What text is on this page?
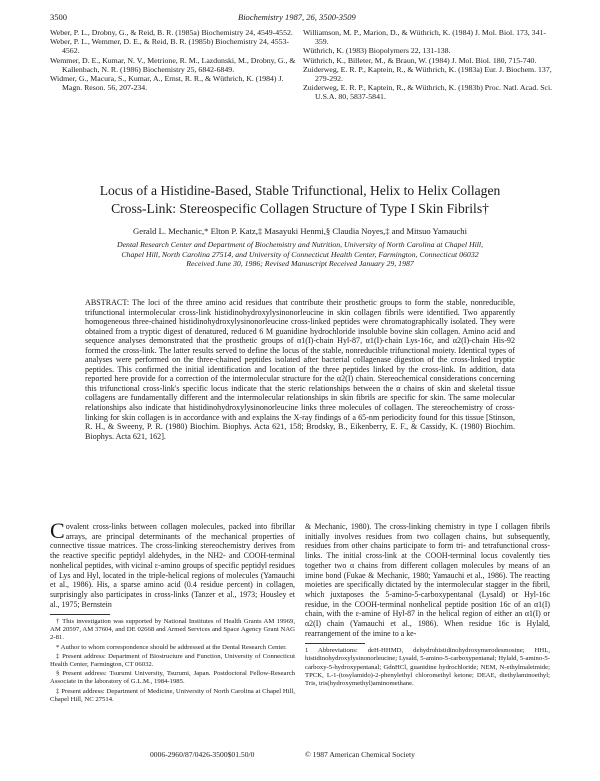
3500	Biochemistry 1987, 26, 3500-3509
Weber, P. L., Drobny, G., & Reid, B. R. (1985a) Biochemistry 24, 4549-4552.
Weber, P. L., Wemmer, D. E., & Reid, B. R. (1985b) Biochemistry 24, 4553-4562.
Wemmer, D. E., Kumar, N. V., Metrione, R. M., Lazdunski, M., Drobny, G., & Kallenbach, N. R. (1986) Biochemistry 25, 6842-6849.
Widmer, G., Macura, S., Kumar, A., Ernst, R. R., & Wüthrich, K. (1984) J. Magn. Reson. 56, 207-234.
Williamson, M. P., Marion, D., & Wüthrich, K. (1984) J. Mol. Biol. 173, 341-359.
Wüthrich, K. (1983) Biopolymers 22, 131-138.
Wüthrich, K., Billeter, M., & Braun, W. (1984) J. Mol. Biol. 180, 715-740.
Zuiderweg, E. R. P., Kaptein, R., & Wüthrich, K. (1983a) Eur. J. Biochem. 137, 279-292.
Zuiderweg, E. R. P., Kaptein, R., & Wüthrich, K. (1983b) Proc. Natl. Acad. Sci. U.S.A. 80, 5837-5841.
Locus of a Histidine-Based, Stable Trifunctional, Helix to Helix Collagen
Cross-Link: Stereospecific Collagen Structure of Type I Skin Fibrils†
Gerald L. Mechanic,* Elton P. Katz,‡ Masayuki Henmi,§ Claudia Noyes,‡ and Mitsuo Yamauchi
Dental Research Center and Department of Biochemistry and Nutrition, University of North Carolina at Chapel Hill,
Chapel Hill, North Carolina 27514, and University of Connecticut Health Center, Farmington, Connecticut 06032
Received June 30, 1986; Revised Manuscript Received January 29, 1987
ABSTRACT: The loci of the three amino acid residues that contribute their prosthetic groups to form the stable, nonreducible, trifunctional intermolecular cross-link histidinohydroxylysinonorleucine in skin collagen fibrils were identified. Two apparently homogeneous three-chained histidinohydroxylysinonorleucine cross-linked peptides were chromatographically isolated. They were obtained from a tryptic digest of denatured, reduced 6 M guanidine hydrochloride insoluble bovine skin collagen. Amino acid and sequence analyses demonstrated that the prosthetic groups of α1(I)-chain Hyl-87, α1(I)-chain Lys-16c, and α2(I)-chain His-92 formed the cross-link. The latter results served to define the locus of the stable, nonreducible trifunctional moiety. Identical types of analyses were performed on the three-chained peptides isolated after bacterial collagenase digestion of the cross-linked tryptic peptides. This confirmed the initial identification and location of the three peptides linked by the cross-link. In addition, data reported here provide for a correction of the intermolecular structure for the α2(I) chain. Stereochemical considerations concerning this trifunctional cross-link's specific locus indicate that the steric relationships between the α chains of skin and skeletal tissue collagens are fundamentally different and the intermolecular relationships in skin fibrils are specific for skin. The same molecular relationships also indicate that histidinohydroxylysinonorleucine links three molecules of collagen. The stereochemistry of cross-linking for skin collagen is in accordance with and explains the X-ray findings of a 65-nm periodicity found for this tissue [Stinson, R. H., & Sweeny, P. R. (1980) Biochim. Biophys. Acta 621, 158; Brodsky, B., Eikenberry, E. F., & Cassidy, K. (1980) Biochim. Biophys. Acta 621, 162].
C ovalent cross-links between collagen molecules, packed into fibrillar arrays, are principal determinants of the mechanical properties of connective tissue matrices. The cross-linking stereochemistry derives from the reactive specific peptidyl aldehydes, in the NH2- and COOH-terminal nonhelical peptides, with vicinal ε-amino groups of specific peptidyl residues of Lys and Hyl, located in the triple-helical regions of molecules (Yamauchi et al., 1986). His, a sparse amino acid (0.4 residue percent) in collagen, surprisingly also participates in cross-links (Tanzer et al., 1973; Housley et al., 1975; Bernstein

† This investigation was supported by National Institutes of Health Grants AM 19969, AM 20597, AM 37604, and DE 02668 and Armed Services and Space Agency Grant NAG 2-81.

* Author to whom correspondence should be addressed at the Dental Research Center.

‡ Present address: Department of Biostructure and Function, University of Connecticut Health Center, Farmington, CT 06032.

§ Present address: Tsurumi University, Tsurumi, Japan. Postdoctoral Fellow-Research Associate in the laboratory of G.L.M., 1984-1985.

‡ Present address: Department of Medicine, University of North Carolina at Chapel Hill, Chapel Hill, NC 27514.

& Mechanic, 1980). The cross-linking chemistry in type I collagen fibrils initially involves residues from two collagen chains, but subsequently, residues from other chains participate to form tri- and tetrafunctional cross-links. The initial cross-link at the COOH-terminal locus covalently ties together two α chains from different collagen molecules by means of an imine bond (Fukae & Mechanic, 1980; Yamauchi et al., 1986). The reacting moieties are specifically dictated by the intermolecular stagger in the fibril, which juxtaposes the 5-amino-5-carboxypentanal (Lysald) or Hyl-16c residue, in the COOH-terminal nonhelical peptide position 16c of an α1(I) chain, with the ε-amine of Hyl-87 in the helical region of either an α1(I) or α2(I) chain (Yamauchi et al., 1986). When residue 16c is Hylald, rearrangement of the imine to a ke-
1 Abbreviations: deH-HHMD, dehydrohistidinohydroxymerodesmosine; HHL, histidinohydroxylysinonorleucine; Lysald, 5-amino-5-carboxypentanal; Hylald, 5-amino-5-carboxy-5-hydroxypentanal; GdnHCl, guanidine hydrochloride; NEM, N-ethylmaleimide; TPCK, L-1-(tosylamido)-2-phenylethyl chloromethyl ketone; DEAE, diethylaminoethyl; Tris, tris(hydroxymethyl)aminomethane.
0006-2960/87/0426-3500$01.50/0	© 1987 American Chemical Society
